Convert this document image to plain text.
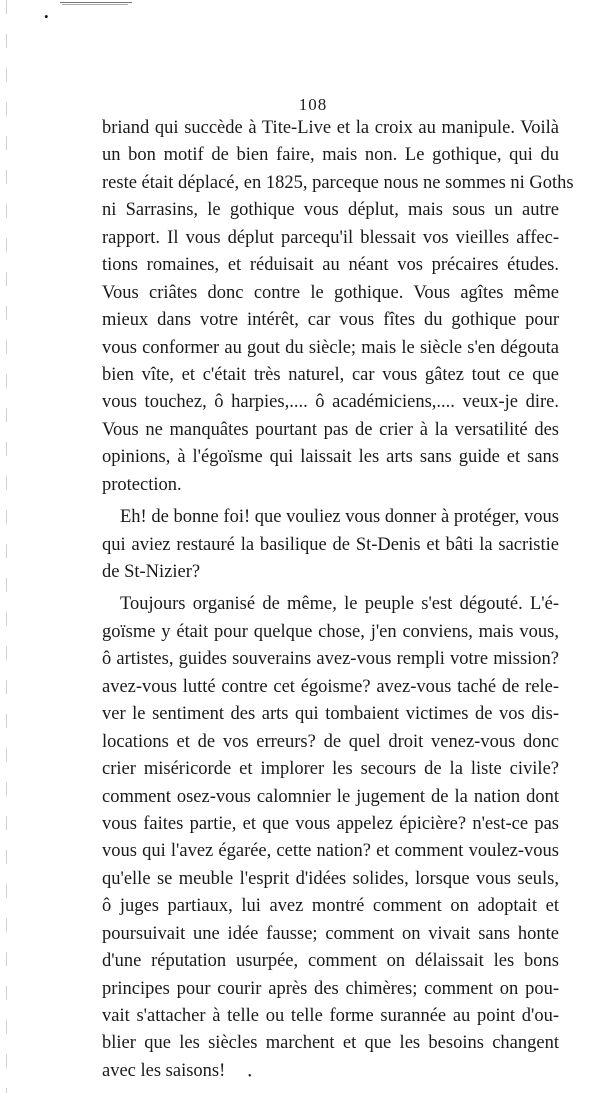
•
108
briand qui succède à Tite-Live et la croix au manipule. Voilà
un bon motif de bien faire, mais non. Le gothique, qui du
reste était déplacé, en 1825, parceque nous ne sommes ni Goths
ni Sarrasins, le gothique vous déplut, mais sous un autre
rapport. Il vous déplut parcequ'il blessait vos vieilles affec-
tions romaines, et réduisait au néant vos précaires études.
Vous criâtes donc contre le gothique. Vous agîtes même
mieux dans votre intérêt, car vous fîtes du gothique pour
vous conformer au gout du siècle; mais le siècle s'en dégouta
bien vîte, et c'était très naturel, car vous gâtez tout ce que
vous touchez, ô harpies,.... ô académiciens,.... veux-je dire.
Vous ne manquâtes pourtant pas de crier à la versatilité des
opinions, à l'égoïsme qui laissait les arts sans guide et sans
protection.
Eh! de bonne foi! que vouliez vous donner à protéger, vous
qui aviez restauré la basilique de St-Denis et bâti la sacristie
de St-Nizier?
Toujours organisé de même, le peuple s'est dégouté. L'é-
goïsme y était pour quelque chose, j'en conviens, mais vous,
ô artistes, guides souverains avez-vous rempli votre mission?
avez-vous lutté contre cet égoisme? avez-vous taché de rele-
ver le sentiment des arts qui tombaient victimes de vos dis-
locations et de vos erreurs? de quel droit venez-vous donc
crier miséricorde et implorer les secours de la liste civile?
comment osez-vous calomnier le jugement de la nation dont
vous faites partie, et que vous appelez épicière? n'est-ce pas
vous qui l'avez égarée, cette nation? et comment voulez-vous
qu'elle se meuble l'esprit d'idées solides, lorsque vous seuls,
ô juges partiaux, lui avez montré comment on adoptait et
poursuivait une idée fausse; comment on vivait sans honte
d'une réputation usurpée, comment on délaissait les bons
principes pour courir après des chimères; comment on pou-
vait s'attacher à telle ou telle forme surannée au point d'ou-
blier que les siècles marchent et que les besoins changent
avec les saisons!	•
